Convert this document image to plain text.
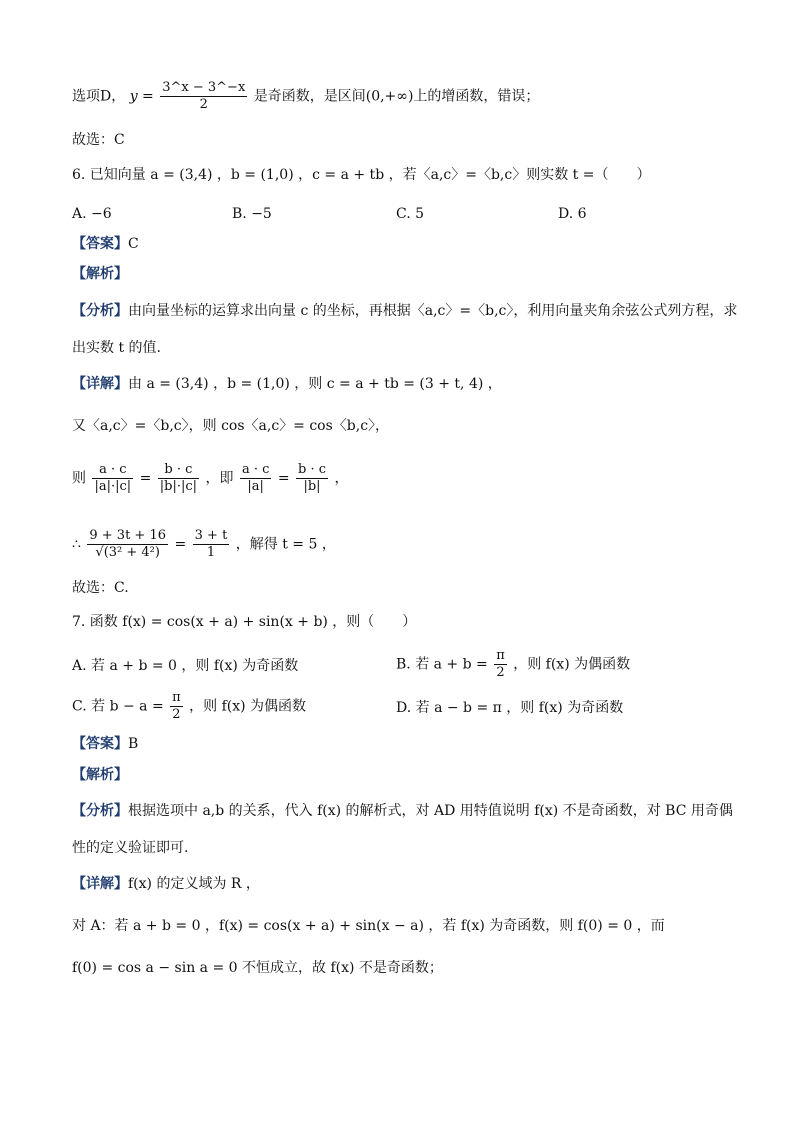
选项D， $y = \frac{3\^{}x - 3\^{}-x}{2}$ 是奇函数，是区间(0,+∞)上的增函数，错误；
故选：C
6. 已知向量 a = (3,4) ，b = (1,0) ，c = a + tb ，若〈a,c〉=〈b,c〉则实数 t =（　　）
A. −6	B. −5	C. 5	D. 6
【答案】C
【解析】
【分析】由向量坐标的运算求出向量 c 的坐标，再根据〈a,c〉=〈b,c〉，利用向量夹角余弦公式列方程，求
出实数 t 的值.
【详解】由 a = (3,4) ，b = (1,0) ，则 c = a + tb = (3 + t, 4) ，
又〈a,c〉=〈b,c〉，则 cos〈a,c〉= cos〈b,c〉，
则 $\frac{a \cdot c}{|a|\cdot|c|} = \frac{b \cdot c}{|b|\cdot|c|}$ ，即 $\frac{a \cdot c}{|a|} = \frac{b \cdot c}{|b|}$ ，
∴ $\frac{9 + 3t + 16}{\text{√(3² + 4²)}} = \frac{3 + t}{1}$ ，解得 t = 5 ，
故选：C.
7. 函数 f(x) = cos(x + a) + sin(x + b) ，则（　　）
A. 若 a + b = 0 ，则 f(x) 为奇函数	B. 若 $a + b = \frac{\pi}{2}$ ，则 f(x) 为偶函数
C. 若 $b - a = \frac{\pi}{2}$ ，则 f(x) 为偶函数	D. 若 a − b = π ，则 f(x) 为奇函数
【答案】B
【解析】
【分析】根据选项中 a,b 的关系，代入 f(x) 的解析式，对 AD 用特值说明 f(x) 不是奇函数，对 BC 用奇偶
性的定义验证即可.
【详解】f(x) 的定义域为 R ，
对 A：若 a + b = 0 ，f(x) = cos(x + a) + sin(x − a) ，若 f(x) 为奇函数，则 f(0) = 0 ，而
f(0) = cos a − sin a = 0 不恒成立，故 f(x) 不是奇函数；
